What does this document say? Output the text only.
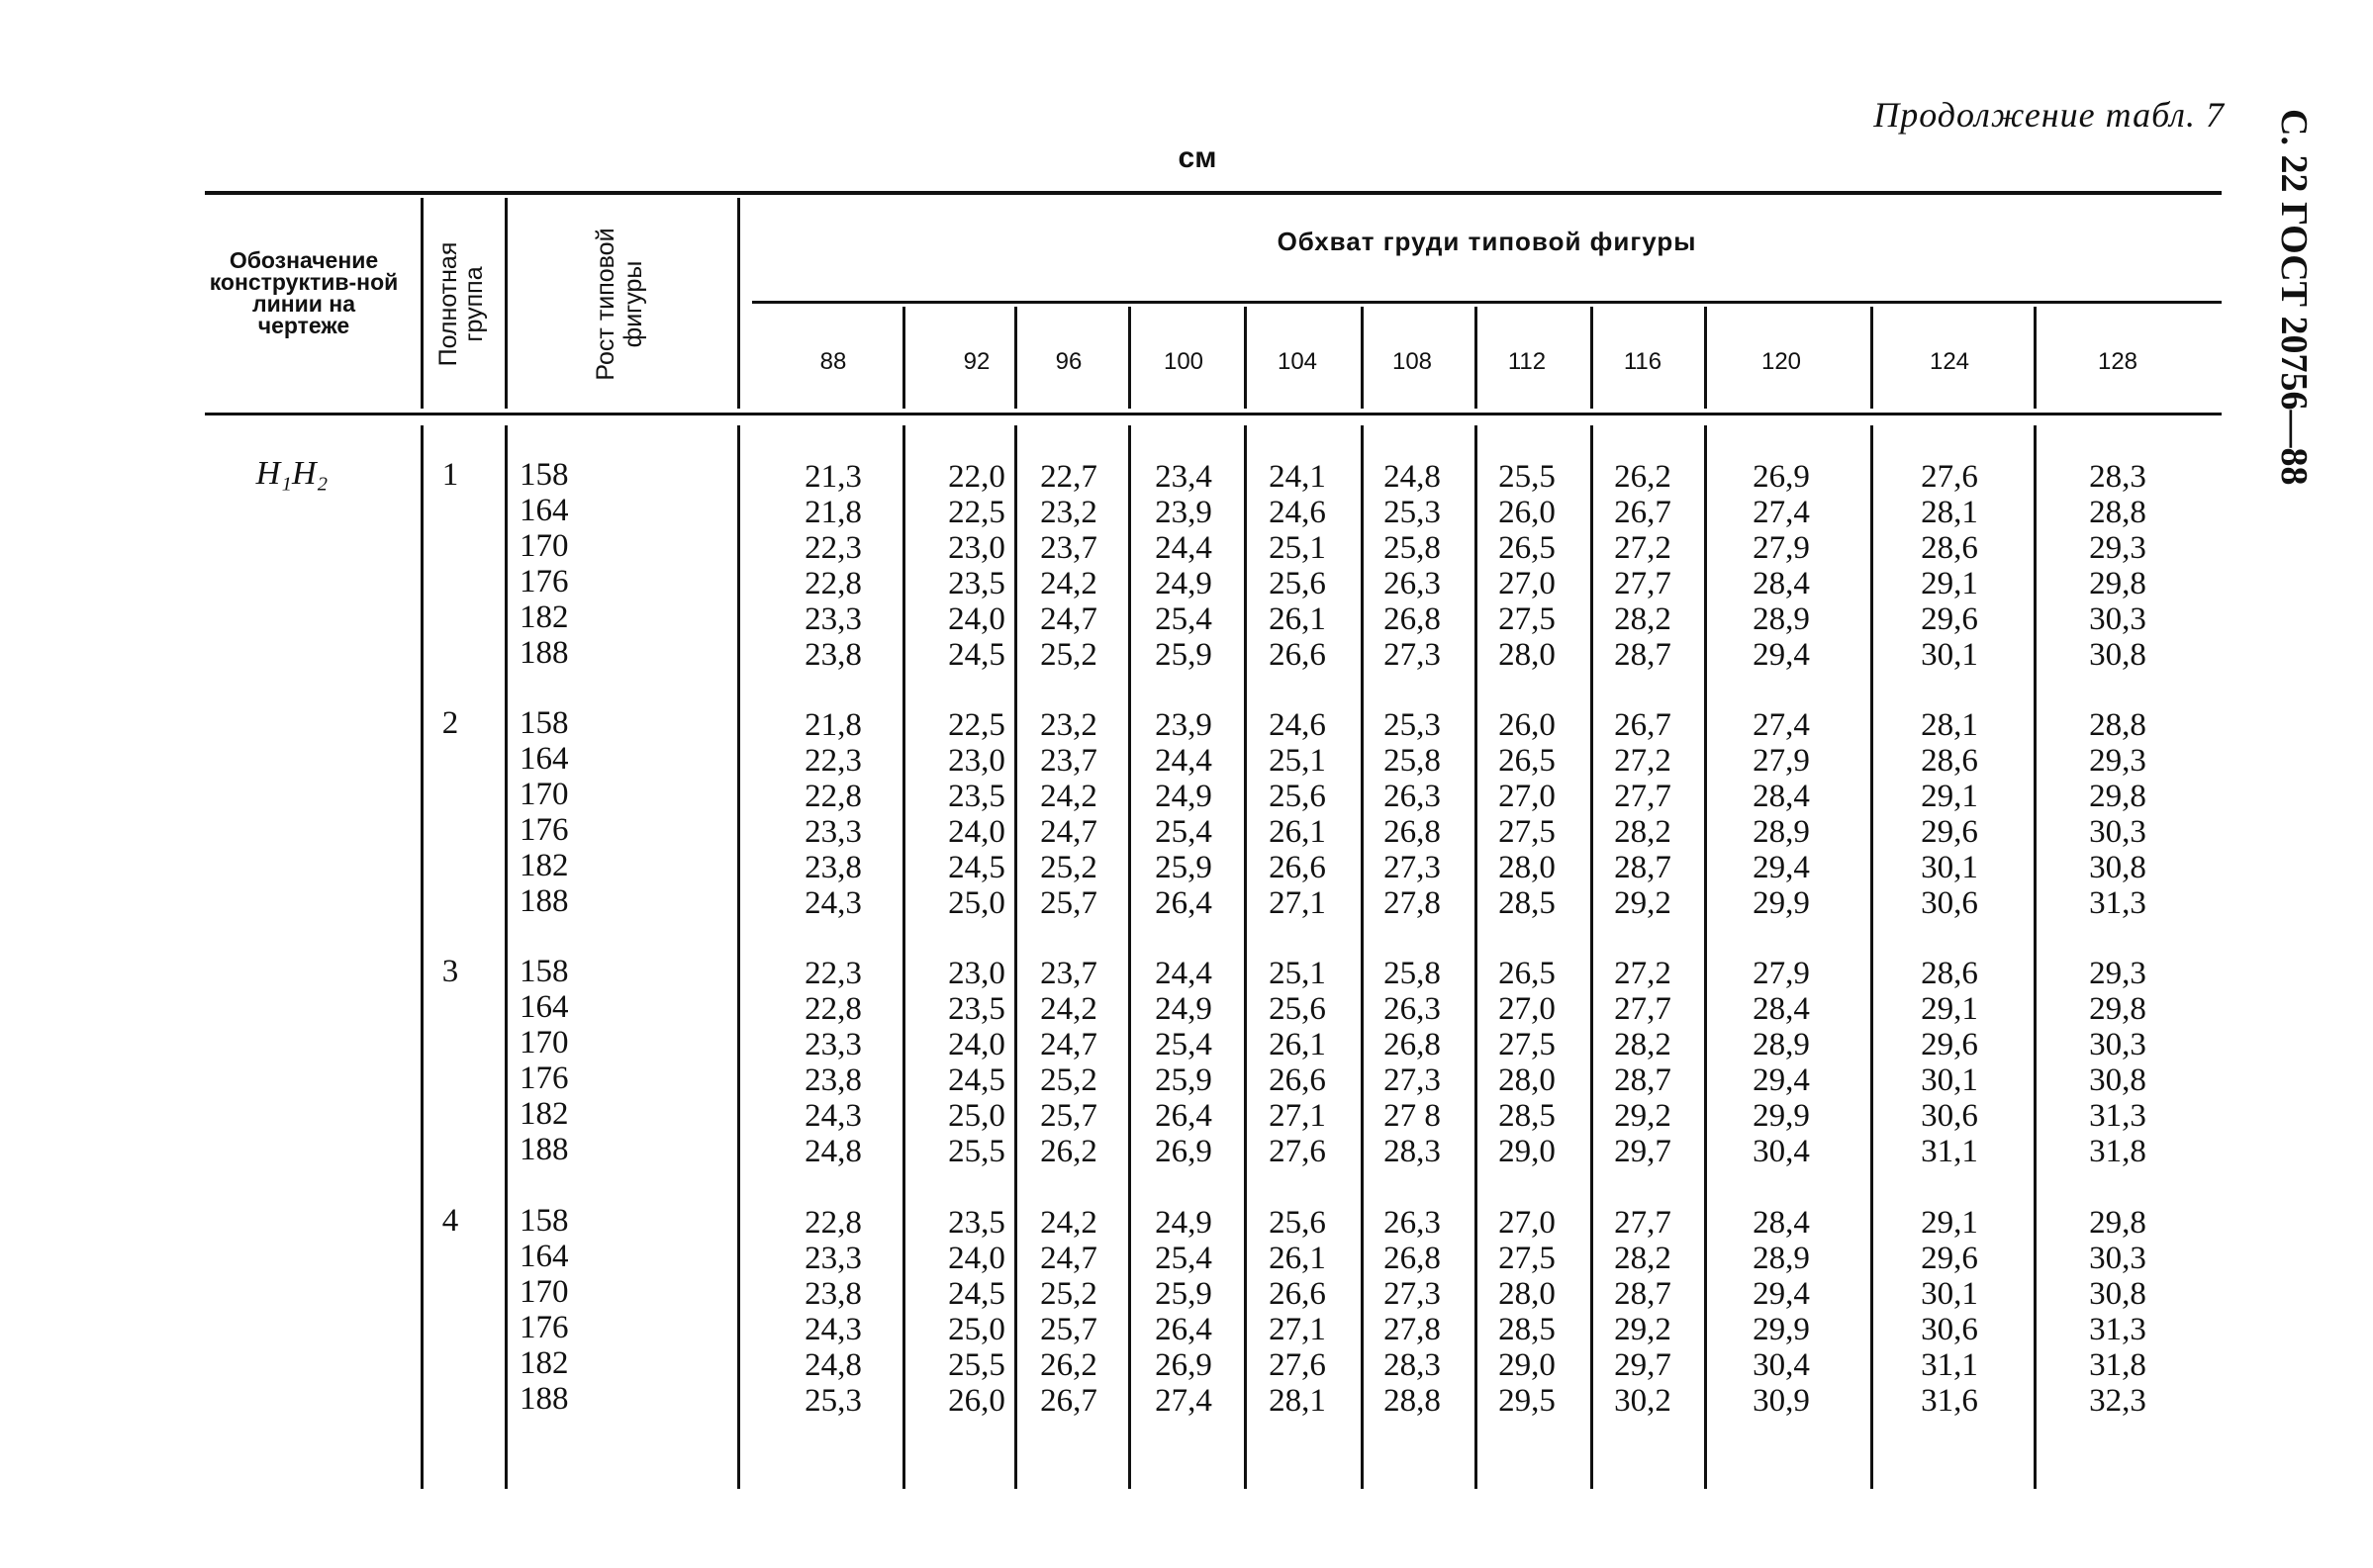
С. 22 ГОСТ 20756—88
Продолжение табл. 7
см
Обозначение конструктив-ной линии на чертеже	Полнотная группа	Рост типовой фигуры
Обхват груди типовой фигуры
88	92	96	100	104	108	112	116	120	124	128
H₁H₂	1	158	21,3	22,0	22,7	23,4	24,1	24,8	25,5	26,2	26,9	27,6	28,3
164	21,8	22,5	23,2	23,9	24,6	25,3	26,0	26,7	27,4	28,1	28,8
170	22,3	23,0	23,7	24,4	25,1	25,8	26,5	27,2	27,9	28,6	29,3
176	22,8	23,5	24,2	24,9	25,6	26,3	27,0	27,7	28,4	29,1	29,8
182	23,3	24,0	24,7	25,4	26,1	26,8	27,5	28,2	28,9	29,6	30,3
188	23,8	24,5	25,2	25,9	26,6	27,3	28,0	28,7	29,4	30,1	30,8
2	158	21,8	22,5	23,2	23,9	24,6	25,3	26,0	26,7	27,4	28,1	28,8
164	22,3	23,0	23,7	24,4	25,1	25,8	26,5	27,2	27,9	28,6	29,3
170	22,8	23,5	24,2	24,9	25,6	26,3	27,0	27,7	28,4	29,1	29,8
176	23,3	24,0	24,7	25,4	26,1	26,8	27,5	28,2	28,9	29,6	30,3
182	23,8	24,5	25,2	25,9	26,6	27,3	28,0	28,7	29,4	30,1	30,8
188	24,3	25,0	25,7	26,4	27,1	27,8	28,5	29,2	29,9	30,6	31,3
3	158	22,3	23,0	23,7	24,4	25,1	25,8	26,5	27,2	27,9	28,6	29,3
164	22,8	23,5	24,2	24,9	25,6	26,3	27,0	27,7	28,4	29,1	29,8
170	23,3	24,0	24,7	25,4	26,1	26,8	27,5	28,2	28,9	29,6	30,3
176	23,8	24,5	25,2	25,9	26,6	27,3	28,0	28,7	29,4	30,1	30,8
182	24,3	25,0	25,7	26,4	27,1	27 8	28,5	29,2	29,9	30,6	31,3
188	24,8	25,5	26,2	26,9	27,6	28,3	29,0	29,7	30,4	31,1	31,8
4	158	22,8	23,5	24,2	24,9	25,6	26,3	27,0	27,7	28,4	29,1	29,8
164	23,3	24,0	24,7	25,4	26,1	26,8	27,5	28,2	28,9	29,6	30,3
170	23,8	24,5	25,2	25,9	26,6	27,3	28,0	28,7	29,4	30,1	30,8
176	24,3	25,0	25,7	26,4	27,1	27,8	28,5	29,2	29,9	30,6	31,3
182	24,8	25,5	26,2	26,9	27,6	28,3	29,0	29,7	30,4	31,1	31,8
188	25,3	26,0	26,7	27,4	28,1	28,8	29,5	30,2	30,9	31,6	32,3
